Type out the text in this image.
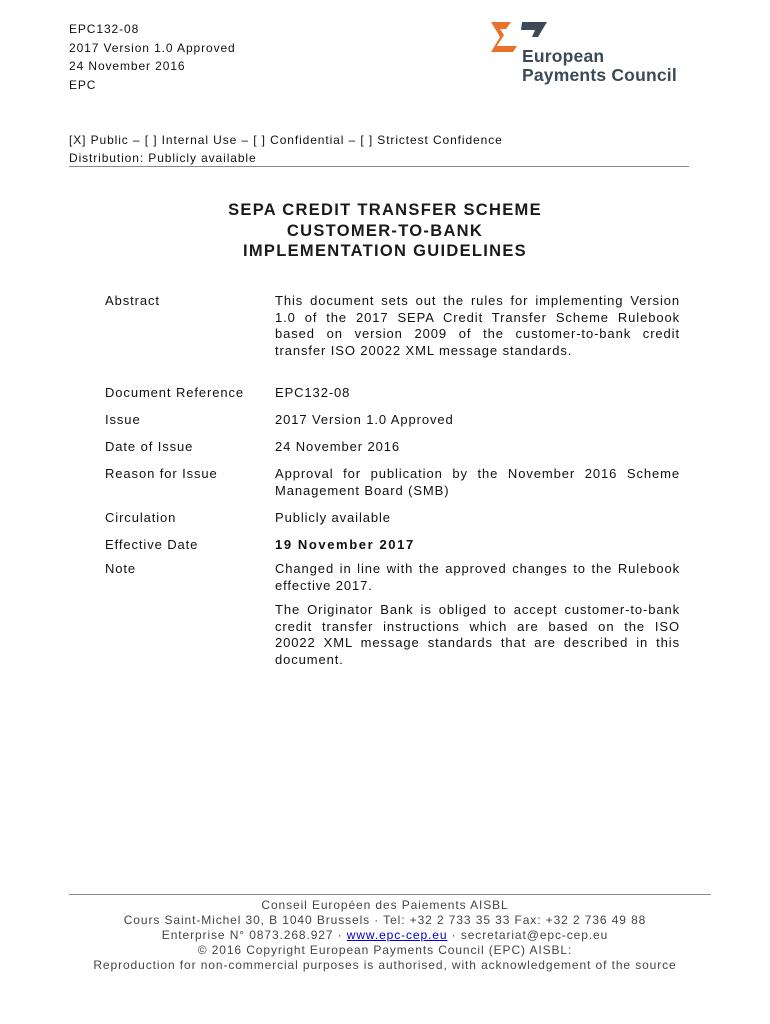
EPC132-08
2017 Version 1.0 Approved
24 November 2016
EPC
European
Payments Council
[X] Public – [ ] Internal Use – [ ] Confidential – [ ] Strictest Confidence
Distribution: Publicly available
SEPA CREDIT TRANSFER SCHEME
CUSTOMER-TO-BANK
IMPLEMENTATION GUIDELINES
Abstract	This document sets out the rules for implementing Version 1.0 of the 2017 SEPA Credit Transfer Scheme Rulebook based on version 2009 of the customer-to-bank credit transfer ISO 20022 XML message standards.
Document Reference	EPC132-08
Issue	2017 Version 1.0 Approved
Date of Issue	24 November 2016
Reason for Issue	Approval for publication by the November 2016 Scheme Management Board (SMB)
Circulation	Publicly available
Effective Date	19 November 2017
Note	Changed in line with the approved changes to the Rulebook effective 2017.

The Originator Bank is obliged to accept customer-to-bank credit transfer instructions which are based on the ISO 20022 XML message standards that are described in this document.

Conseil Européen des Paiements AISBL
Cours Saint-Michel 30, B 1040 Brussels · Tel: +32 2 733 35 33 Fax: +32 2 736 49 88
Enterprise N° 0873.268.927 · www.epc-cep.eu · secretariat@epc-cep.eu
© 2016 Copyright European Payments Council (EPC) AISBL:
Reproduction for non-commercial purposes is authorised, with acknowledgement of the source
